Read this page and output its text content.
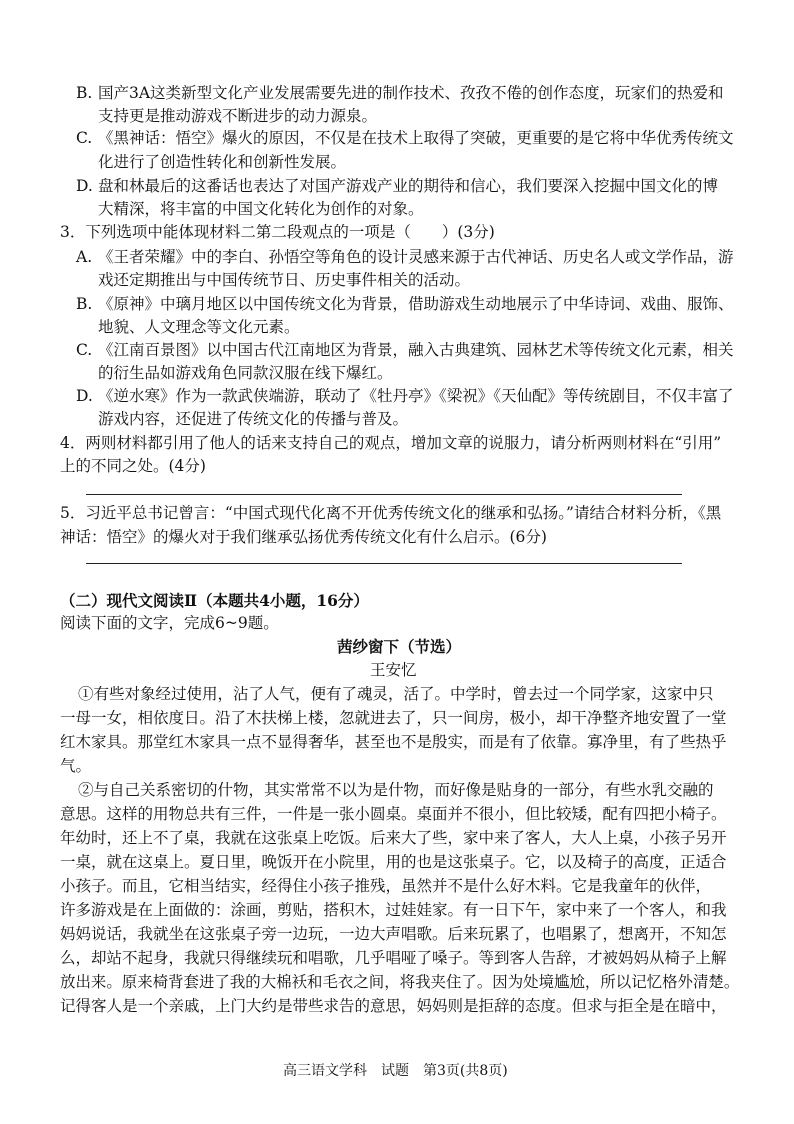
B. 国产3A这类新型文化产业发展需要先进的制作技术、孜孜不倦的创作态度，玩家们的热爱和
支持更是推动游戏不断进步的动力源泉。
C. 《黑神话：悟空》爆火的原因，不仅是在技术上取得了突破，更重要的是它将中华优秀传统文
化进行了创造性转化和创新性发展。
D. 盘和林最后的这番话也表达了对国产游戏产业的期待和信心，我们要深入挖掘中国文化的博
大精深，将丰富的中国文化转化为创作的对象。
3．下列选项中能体现材料二第二段观点的一项是（　　）(3分)
A. 《王者荣耀》中的李白、孙悟空等角色的设计灵感来源于古代神话、历史名人或文学作品，游
戏还定期推出与中国传统节日、历史事件相关的活动。
B. 《原神》中璃月地区以中国传统文化为背景，借助游戏生动地展示了中华诗词、戏曲、服饰、
地貌、人文理念等文化元素。
C. 《江南百景图》以中国古代江南地区为背景，融入古典建筑、园林艺术等传统文化元素，相关
的衍生品如游戏角色同款汉服在线下爆红。
D. 《逆水寒》作为一款武侠端游，联动了《牡丹亭》《梁祝》《天仙配》等传统剧目，不仅丰富了
游戏内容，还促进了传统文化的传播与普及。
4．两则材料都引用了他人的话来支持自己的观点，增加文章的说服力，请分析两则材料在“引用”
上的不同之处。(4分)
5．习近平总书记曾言：“中国式现代化离不开优秀传统文化的继承和弘扬。”请结合材料分析，《黑
神话：悟空》的爆火对于我们继承弘扬优秀传统文化有什么启示。(6分)
（二）现代文阅读Ⅱ（本题共4小题，16分）
阅读下面的文字，完成6~9题。
茜纱窗下（节选）
王安忆
①有些对象经过使用，沾了人气，便有了魂灵，活了。中学时，曾去过一个同学家，这家中只
一母一女，相依度日。沿了木扶梯上楼，忽就进去了，只一间房，极小，却干净整齐地安置了一堂
红木家具。那堂红木家具一点不显得奢华，甚至也不是殷实，而是有了依靠。寡净里，有了些热乎
气。
②与自己关系密切的什物，其实常常不以为是什物，而好像是贴身的一部分，有些水乳交融的
意思。这样的用物总共有三件，一件是一张小圆桌。桌面并不很小，但比较矮，配有四把小椅子。
年幼时，还上不了桌，我就在这张桌上吃饭。后来大了些，家中来了客人，大人上桌，小孩子另开
一桌，就在这桌上。夏日里，晚饭开在小院里，用的也是这张桌子。它，以及椅子的高度，正适合
小孩子。而且，它相当结实，经得住小孩子推残，虽然并不是什么好木料。它是我童年的伙伴，
许多游戏是在上面做的：涂画，剪贴，搭积木，过娃娃家。有一日下午，家中来了一个客人，和我
妈妈说话，我就坐在这张桌子旁一边玩，一边大声唱歌。后来玩累了，也唱累了，想离开，不知怎
么，却站不起身，我就只得继续玩和唱歌，几乎唱哑了嗓子。等到客人告辞，才被妈妈从椅子上解
放出来。原来椅背套进了我的大棉袄和毛衣之间，将我夹住了。因为处境尴尬，所以记忆格外清楚。
记得客人是一个亲戚，上门大约是带些求告的意思，妈妈则是拒辞的态度。但求与拒全是在暗中，
高三语文学科　试题　第3页(共8页)
